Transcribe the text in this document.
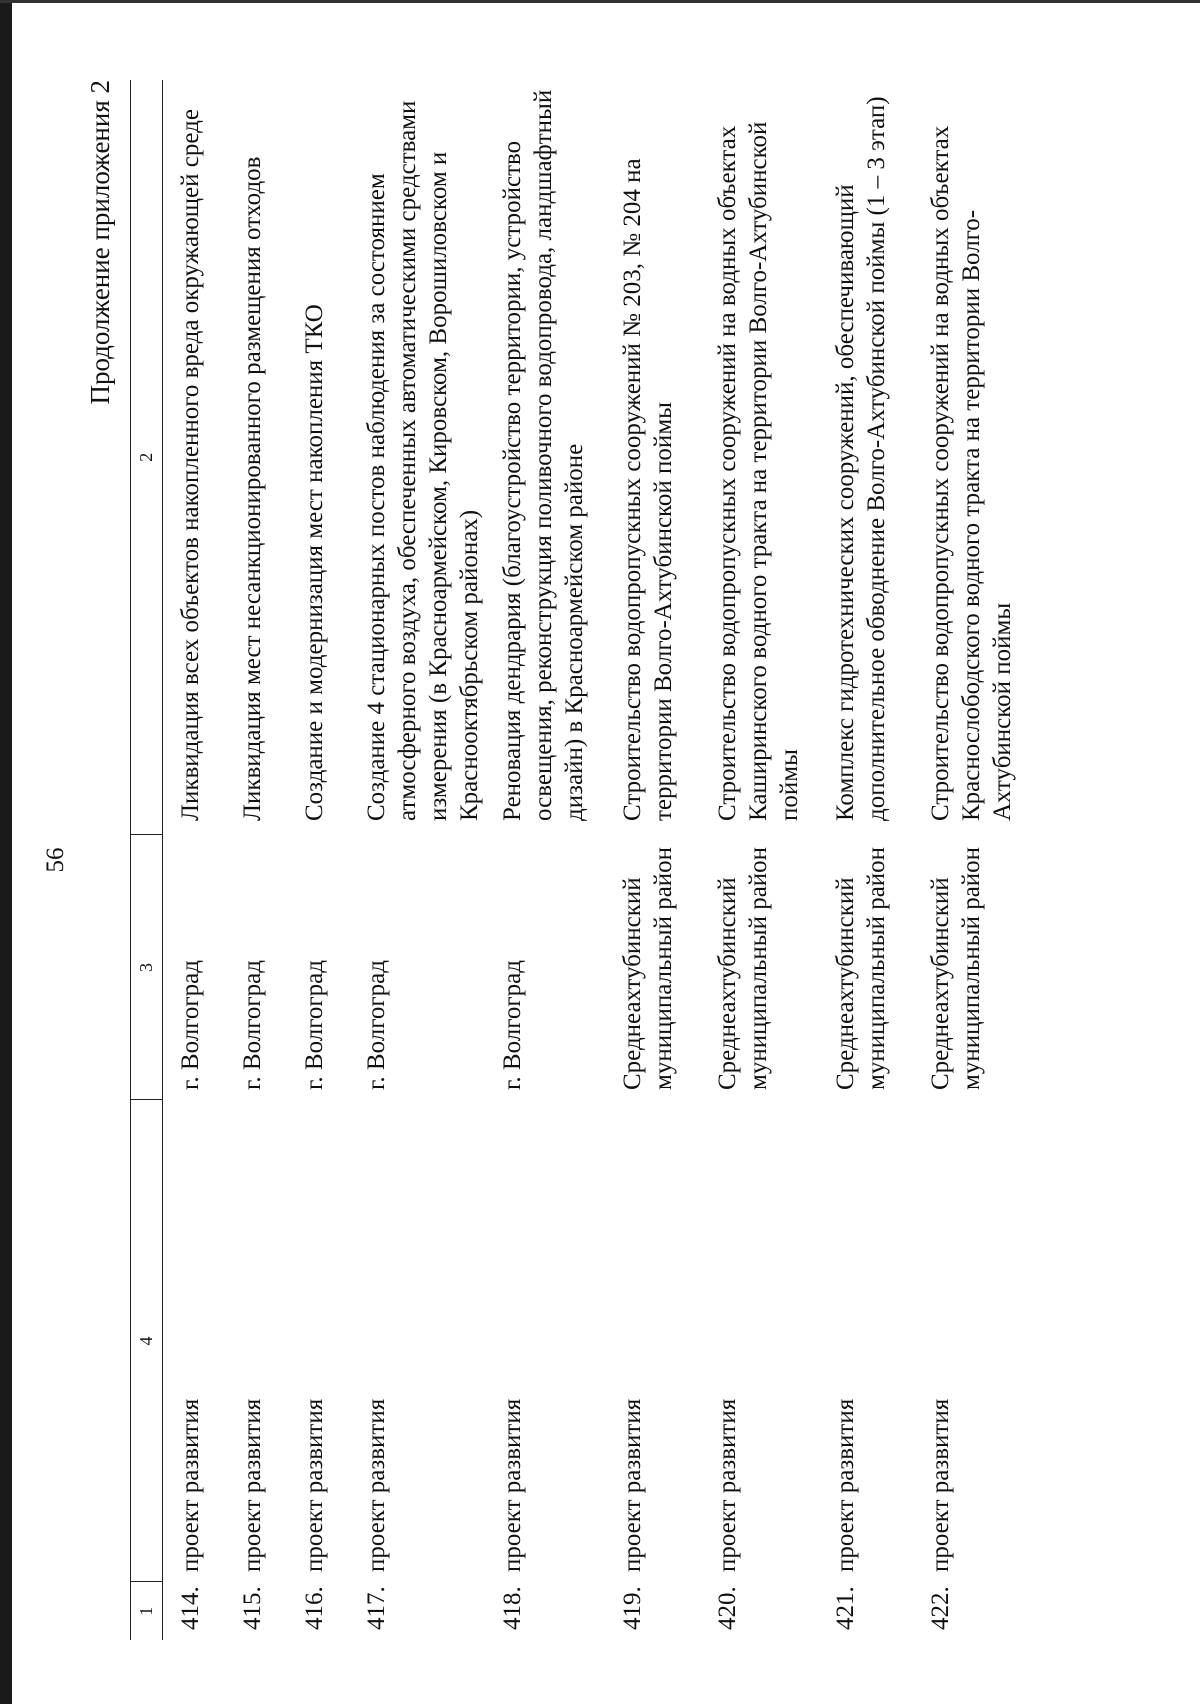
56
Продолжение приложения 2
1	4	3	2
414.	проект развития	г. Волгоград	Ликвидация всех объектов накопленного вреда окружающей среде
415.	проект развития	г. Волгоград	Ликвидация мест несанкционированного размещения отходов
416.	проект развития	г. Волгоград	Создание и модернизация мест накопления ТКО
417.	проект развития	г. Волгоград	Создание 4 стационарных постов наблюдения за состоянием атмосферного воздуха, обеспеченных автоматическими средствами измерения (в Красноармейском, Кировском, Ворошиловском и Краснооктябрьском районах)
418.	проект развития	г. Волгоград	Реновация дендрария (благоустройство территории, устройство освещения, реконструкция поливочного водопровода, ландшафтный дизайн) в Красноармейском районе
419.	проект развития	Среднеахтубинский муниципальный район	Строительство водопропускных сооружений № 203, № 204 на территории Волго-Ахтубинской поймы
420.	проект развития	Среднеахтубинский муниципальный район	Строительство водопропускных сооружений на водных объектах Каширинского водного тракта на территории Волго-Ахтубинской поймы
421.	проект развития	Среднеахтубинский муниципальный район	Комплекс гидротехнических сооружений, обеспечивающий дополнительное обводнение Волго-Ахтубинской поймы (1 – 3 этап)
422.	проект развития	Среднеахтубинский муниципальный район	Строительство водопропускных сооружений на водных объектах Краснослободского водного тракта на территории Волго-Ахтубинской поймы
